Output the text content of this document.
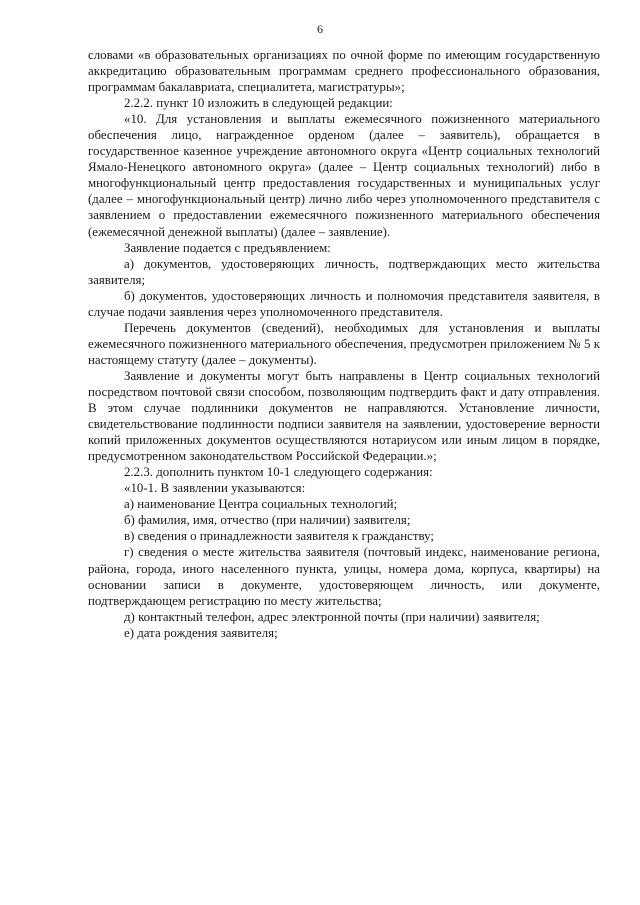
6

словами «в образовательных организациях по очной форме по имеющим государственную аккредитацию образовательным программам среднего профессионального образования, программам бакалавриата, специалитета, магистратуры»;

2.2.2. пункт 10 изложить в следующей редакции:

«10. Для установления и выплаты ежемесячного пожизненного материального обеспечения лицо, награжденное орденом (далее – заявитель), обращается в государственное казенное учреждение автономного округа «Центр социальных технологий Ямало-Ненецкого автономного округа» (далее – Центр социальных технологий) либо в многофункциональный центр предоставления государственных и муниципальных услуг (далее – многофункциональный центр) лично либо через уполномоченного представителя с заявлением о предоставлении ежемесячного пожизненного материального обеспечения (ежемесячной денежной выплаты) (далее – заявление).

Заявление подается с предъявлением:

а) документов, удостоверяющих личность, подтверждающих место жительства заявителя;

б) документов, удостоверяющих личность и полномочия представителя заявителя, в случае подачи заявления через уполномоченного представителя.

Перечень документов (сведений), необходимых для установления и выплаты ежемесячного пожизненного материального обеспечения, предусмотрен приложением № 5 к настоящему статуту (далее – документы).

Заявление и документы могут быть направлены в Центр социальных технологий посредством почтовой связи способом, позволяющим подтвердить факт и дату отправления. В этом случае подлинники документов не направляются. Установление личности, свидетельствование подлинности подписи заявителя на заявлении, удостоверение верности копий приложенных документов осуществляются нотариусом или иным лицом в порядке, предусмотренном законодательством Российской Федерации.»;

2.2.3. дополнить пунктом 10-1 следующего содержания:

«10-1. В заявлении указываются:

а) наименование Центра социальных технологий;

б) фамилия, имя, отчество (при наличии) заявителя;

в) сведения о принадлежности заявителя к гражданству;

г) сведения о месте жительства заявителя (почтовый индекс, наименование региона, района, города, иного населенного пункта, улицы, номера дома, корпуса, квартиры) на основании записи в документе, удостоверяющем личность, или документе, подтверждающем регистрацию по месту жительства;

д) контактный телефон, адрес электронной почты (при наличии) заявителя;

е) дата рождения заявителя;
